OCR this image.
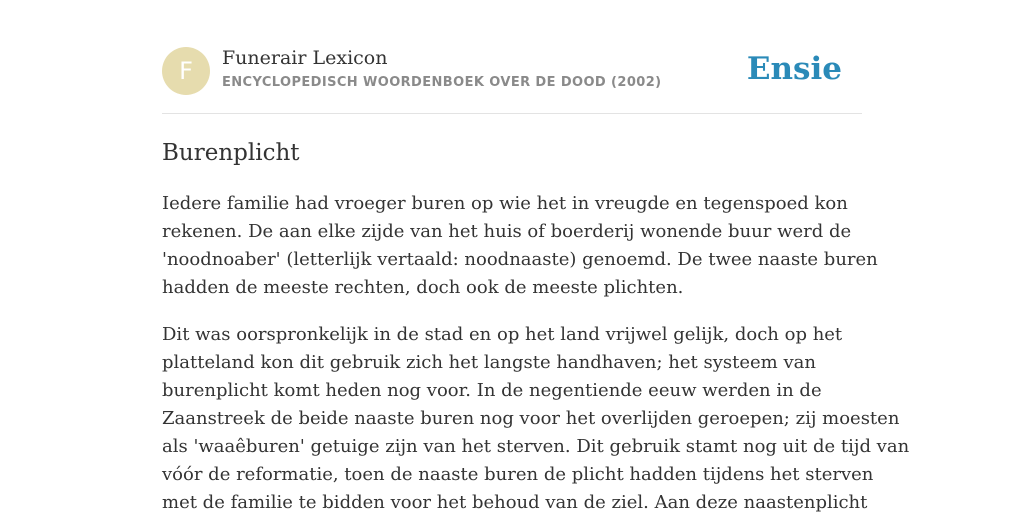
F	Funerair Lexicon
ENCYCLOPEDISCH WOORDENBOEK OVER DE DOOD (2002)	Ensie
Burenplicht

Iedere familie had vroeger buren op wie het in vreugde en tegenspoed kon
rekenen. De aan elke zijde van het huis of boerderij wonende buur werd de
'noodnoaber' (letterlijk vertaald: noodnaaste) genoemd. De twee naaste buren
hadden de meeste rechten, doch ook de meeste plichten.

Dit was oorspronkelijk in de stad en op het land vrijwel gelijk, doch op het
platteland kon dit gebruik zich het langste handhaven; het systeem van
burenplicht komt heden nog voor. In de negentiende eeuw werden in de
Zaanstreek de beide naaste buren nog voor het overlijden geroepen; zij moesten
als 'waaêburen' getuige zijn van het sterven. Dit gebruik stamt nog uit de tijd van
vóór de reformatie, toen de naaste buren de plicht hadden tijdens het sterven
met de familie te bidden voor het behoud van de ziel. Aan deze naastenplicht
